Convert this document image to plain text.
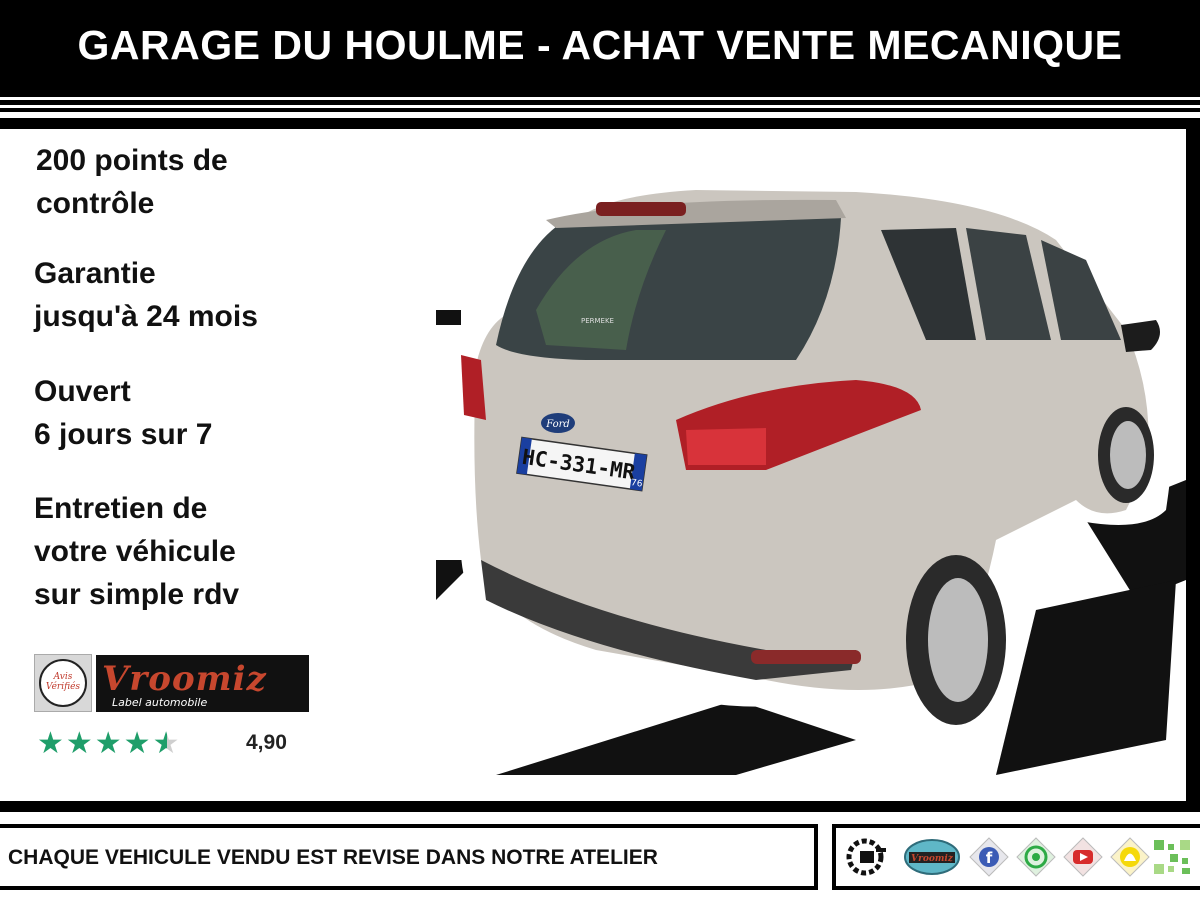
GARAGE DU HOULME - ACHAT VENTE MECANIQUE
200 points de
contrôle
Garantie
jusqu'à 24 mois
Ouvert
6 jours sur 7
Entretien de
votre véhicule
sur simple rdv
Ford
HC-331-MR
76
PERMEKE
Avis Vérifiés Vroomiz
Label automobile
★★★★★	4,90
CHAQUE VEHICULE VENDU EST REVISE DANS NOTRE ATELIER	Vroomiz f
